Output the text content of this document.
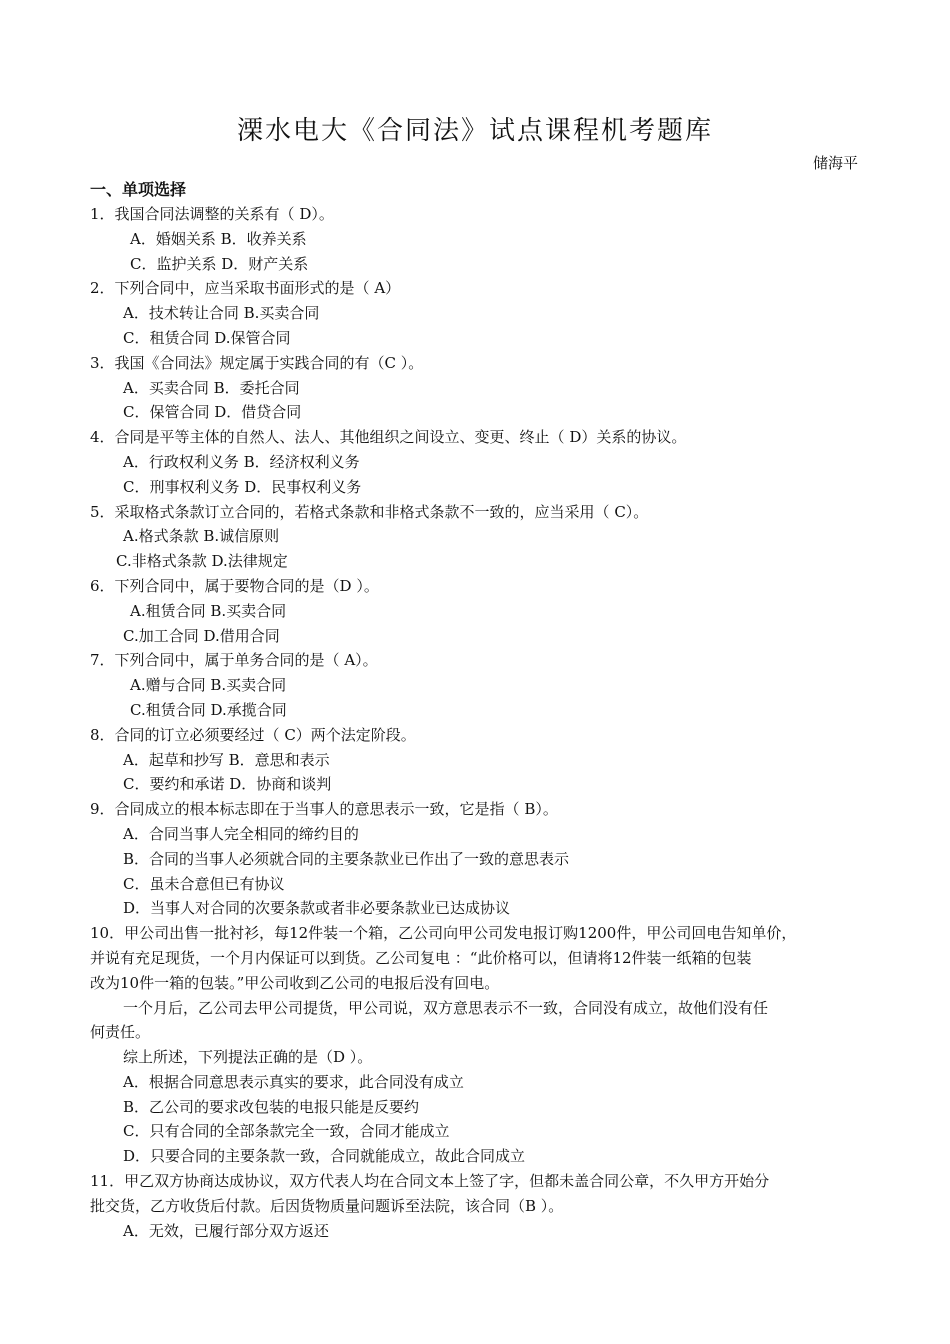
溧水电大《合同法》试点课程机考题库
储海平
一、单项选择
1．我国合同法调整的关系有（ D）。
A．婚姻关系 B．收养关系
C．监护关系 D．财产关系
2．下列合同中，应当采取书面形式的是（ A）
A．技术转让合同 B.买卖合同
C．租赁合同 D.保管合同
3．我国《合同法》规定属于实践合同的有（C ）。
A．买卖合同 B．委托合同
C．保管合同 D．借贷合同
4．合同是平等主体的自然人、法人、其他组织之间设立、变更、终止（ D）关系的协议。
A．行政权利义务 B．经济权利义务
C．刑事权利义务 D．民事权利义务
5．采取格式条款订立合同的，若格式条款和非格式条款不一致的，应当采用（ C）。
A.格式条款 B.诚信原则
C.非格式条款 D.法律规定
6．下列合同中，属于要物合同的是（D ）。
A.租赁合同 B.买卖合同
C.加工合同 D.借用合同
7．下列合同中，属于单务合同的是（ A）。
A.赠与合同 B.买卖合同
C.租赁合同 D.承揽合同
8．合同的订立必须要经过（ C）两个法定阶段。
A．起草和抄写 B．意思和表示
C．要约和承诺 D．协商和谈判
9．合同成立的根本标志即在于当事人的意思表示一致，它是指（ B）。
A．合同当事人完全相同的缔约目的
B．合同的当事人必须就合同的主要条款业已作出了一致的意思表示
C．虽未合意但已有协议
D．当事人对合同的次要条款或者非必要条款业已达成协议
10．甲公司出售一批衬衫，每12件装一个箱，乙公司向甲公司发电报订购1200件，甲公司回电告知单价，
并说有充足现货，一个月内保证可以到货。乙公司复电 ：“此价格可以，但请将12件装一纸箱的包装
改为10件一箱的包装。”甲公司收到乙公司的电报后没有回电。
一个月后，乙公司去甲公司提货，甲公司说，双方意思表示不一致，合同没有成立，故他们没有任
何责任。
综上所述，下列提法正确的是（D ）。
A．根据合同意思表示真实的要求，此合同没有成立
B．乙公司的要求改包装的电报只能是反要约
C．只有合同的全部条款完全一致，合同才能成立
D．只要合同的主要条款一致，合同就能成立，故此合同成立
11．甲乙双方协商达成协议，双方代表人均在合同文本上签了字，但都未盖合同公章，不久甲方开始分
批交货，乙方收货后付款。后因货物质量问题诉至法院，该合同（B ）。
A．无效，已履行部分双方返还
